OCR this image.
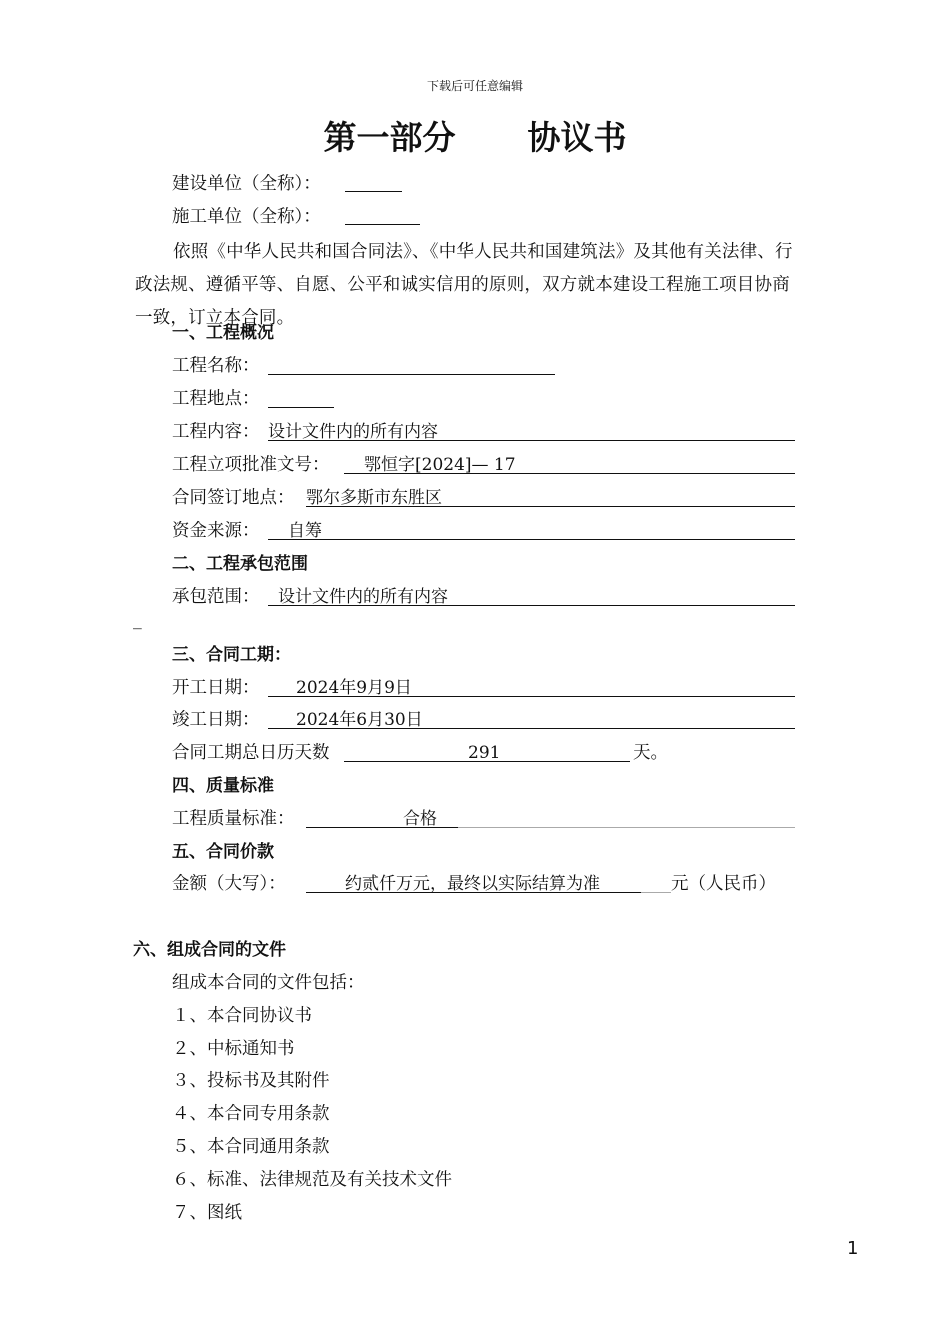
下载后可任意编辑
第一部分 协议书
建设单位（全称）：
施工单位（全称）：
依照《中华人民共和国合同法》、《中华人民共和国建筑法》及其他有关法律、行政法规、遵循平等、自愿、公平和诚实信用的原则，双方就本建设工程施工项目协商一致，订立本合同。
一、工程概况
工程名称：
工程地点：
工程内容： 设计文件内的所有内容
工程立项批准文号： 鄂恒字[2024]— 17
合同签订地点： 鄂尔多斯市东胜区
资金来源： 自筹
二、工程承包范围
承包范围： 设计文件内的所有内容
_
三、合同工期：
开工日期： 2024年9月9日
竣工日期： 2024年6月30日
合同工期总日历天数	291	天。
四、质量标准
工程质量标准：	合格
五、合同价款
金额（大写）：	约贰仟万元，最终以实际结算为准	元（人民币）
六、组成合同的文件
组成本合同的文件包括：
１、本合同协议书
２、中标通知书
３、投标书及其附件
４、本合同专用条款
５、本合同通用条款
６、标准、法律规范及有关技术文件
７、图纸
1
